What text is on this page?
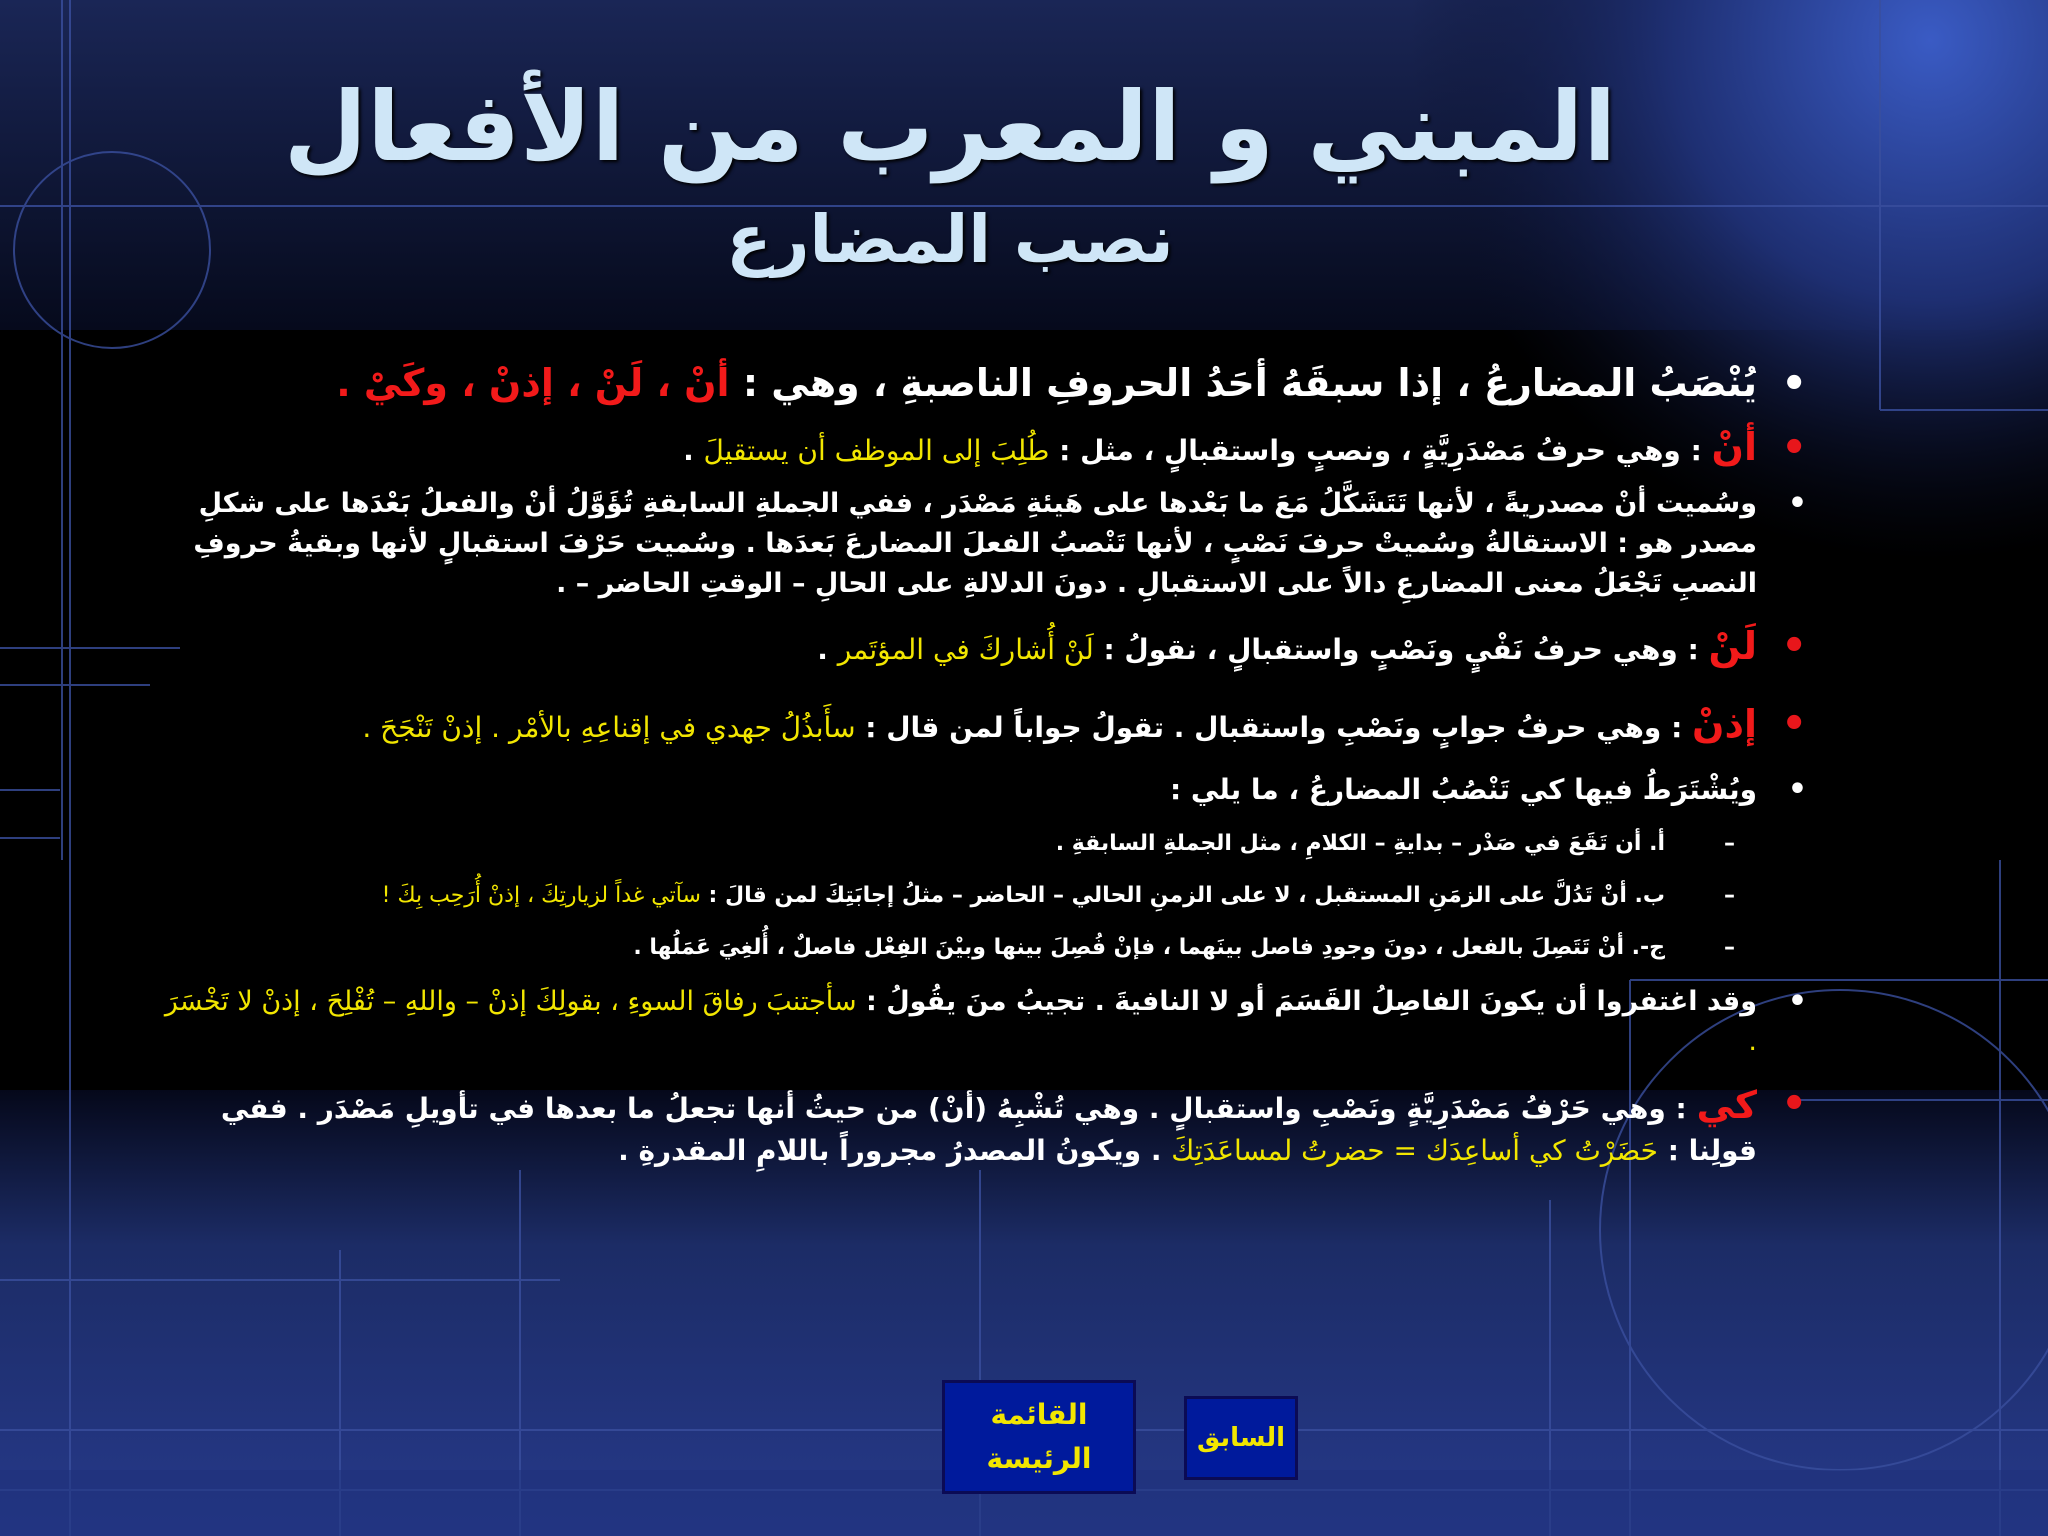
المبني و المعرب من الأفعال
نصب المضارع
•
يُنْصَبُ المضارعُ ، إذا سبقَهُ أحَدُ الحروفِ الناصبةِ ، وهي : أنْ ، لَنْ ، إذنْ ، وكَيْ .
•
أنْ : وهي حرفُ مَصْدَرِيَّةٍ ، ونصبٍ واستقبالٍ ، مثل : طُلِبَ إلى الموظف أن يستقيلَ .
•
وسُميت أنْ مصدريةً ، لأنها تَتَشَكَّلُ مَعَ ما بَعْدها على هَيئةِ مَصْدَر ، ففي الجملةِ السابقةِ تُؤَوَّلُ أنْ والفعلُ بَعْدَها على شكلِ مصدر هو : الاستقالةُ وسُميتْ حرفَ نَصْبٍ ، لأنها تَنْصبُ الفعلَ المضارعَ بَعدَها . وسُميت حَرْفَ استقبالٍ لأنها وبقيةُ حروفِ النصبِ تَجْعَلُ معنى المضارعِ دالاً على الاستقبالِ . دونَ الدلالةِ على الحالِ – الوقتِ الحاضر – .
•
لَنْ : وهي حرفُ نَفْيٍ ونَصْبٍ واستقبالٍ ، نقولُ : لَنْ أُشاركَ في المؤتَمر .
•
إذنْ : وهي حرفُ جوابٍ ونَصْبِ واستقبال . تقولُ جواباً لمن قال : سأَبذُلُ جهدي في إقناعِهِ بالأمْر . إذنْ تَنْجَحَ .
•
ويُشْتَرَطُ فيها كي تَنْصُبُ المضارعُ ، ما يلي :
–
أ. أن تَقَعَ في صَدْر – بدايةِ – الكلامِ ، مثل الجملةِ السابقةِ .
–
ب. أنْ تَدُلَّ على الزمَنِ المستقبل ، لا على الزمنِ الحالي – الحاضر – مثلُ إجابَتِكَ لمن قالَ : سآتي غداً لزيارتِكَ ، إذنْ أُرَحِب بِكَ !
–
ج-. أنْ تَتَصِلَ بالفعل ، دونَ وجودِ فاصل بينَهما ، فإنْ فُصِلَ بينها وبيْنَ الفِعْل فاصلٌ ، أُلغِيَ عَمَلُها .
•
وقد اغتفروا أن يكونَ الفاصِلُ القَسَمَ أو لا النافيةَ . تجيبُ منَ يقُولُ : سأجتنبَ رفاقَ السوءِ ، بقولِكَ إذنْ – واللهِ – تُفْلِحَ ، إذنْ لا تَخْسَرَ .
•
كي : وهي حَرْفُ مَصْدَرِيَّةٍ ونَصْبِ واستقبالٍ . وهي تُشْبِهُ (أنْ) من حيثُ أنها تجعلُ ما بعدها في تأويلِ مَصْدَر . ففي قولِنا : حَضَرْتُ كي أساعِدَك = حضرتُ لمساعَدَتِكَ . ويكونُ المصدرُ مجروراً باللامِ المقدرةِ .
القائمة الرئيسة
السابق
